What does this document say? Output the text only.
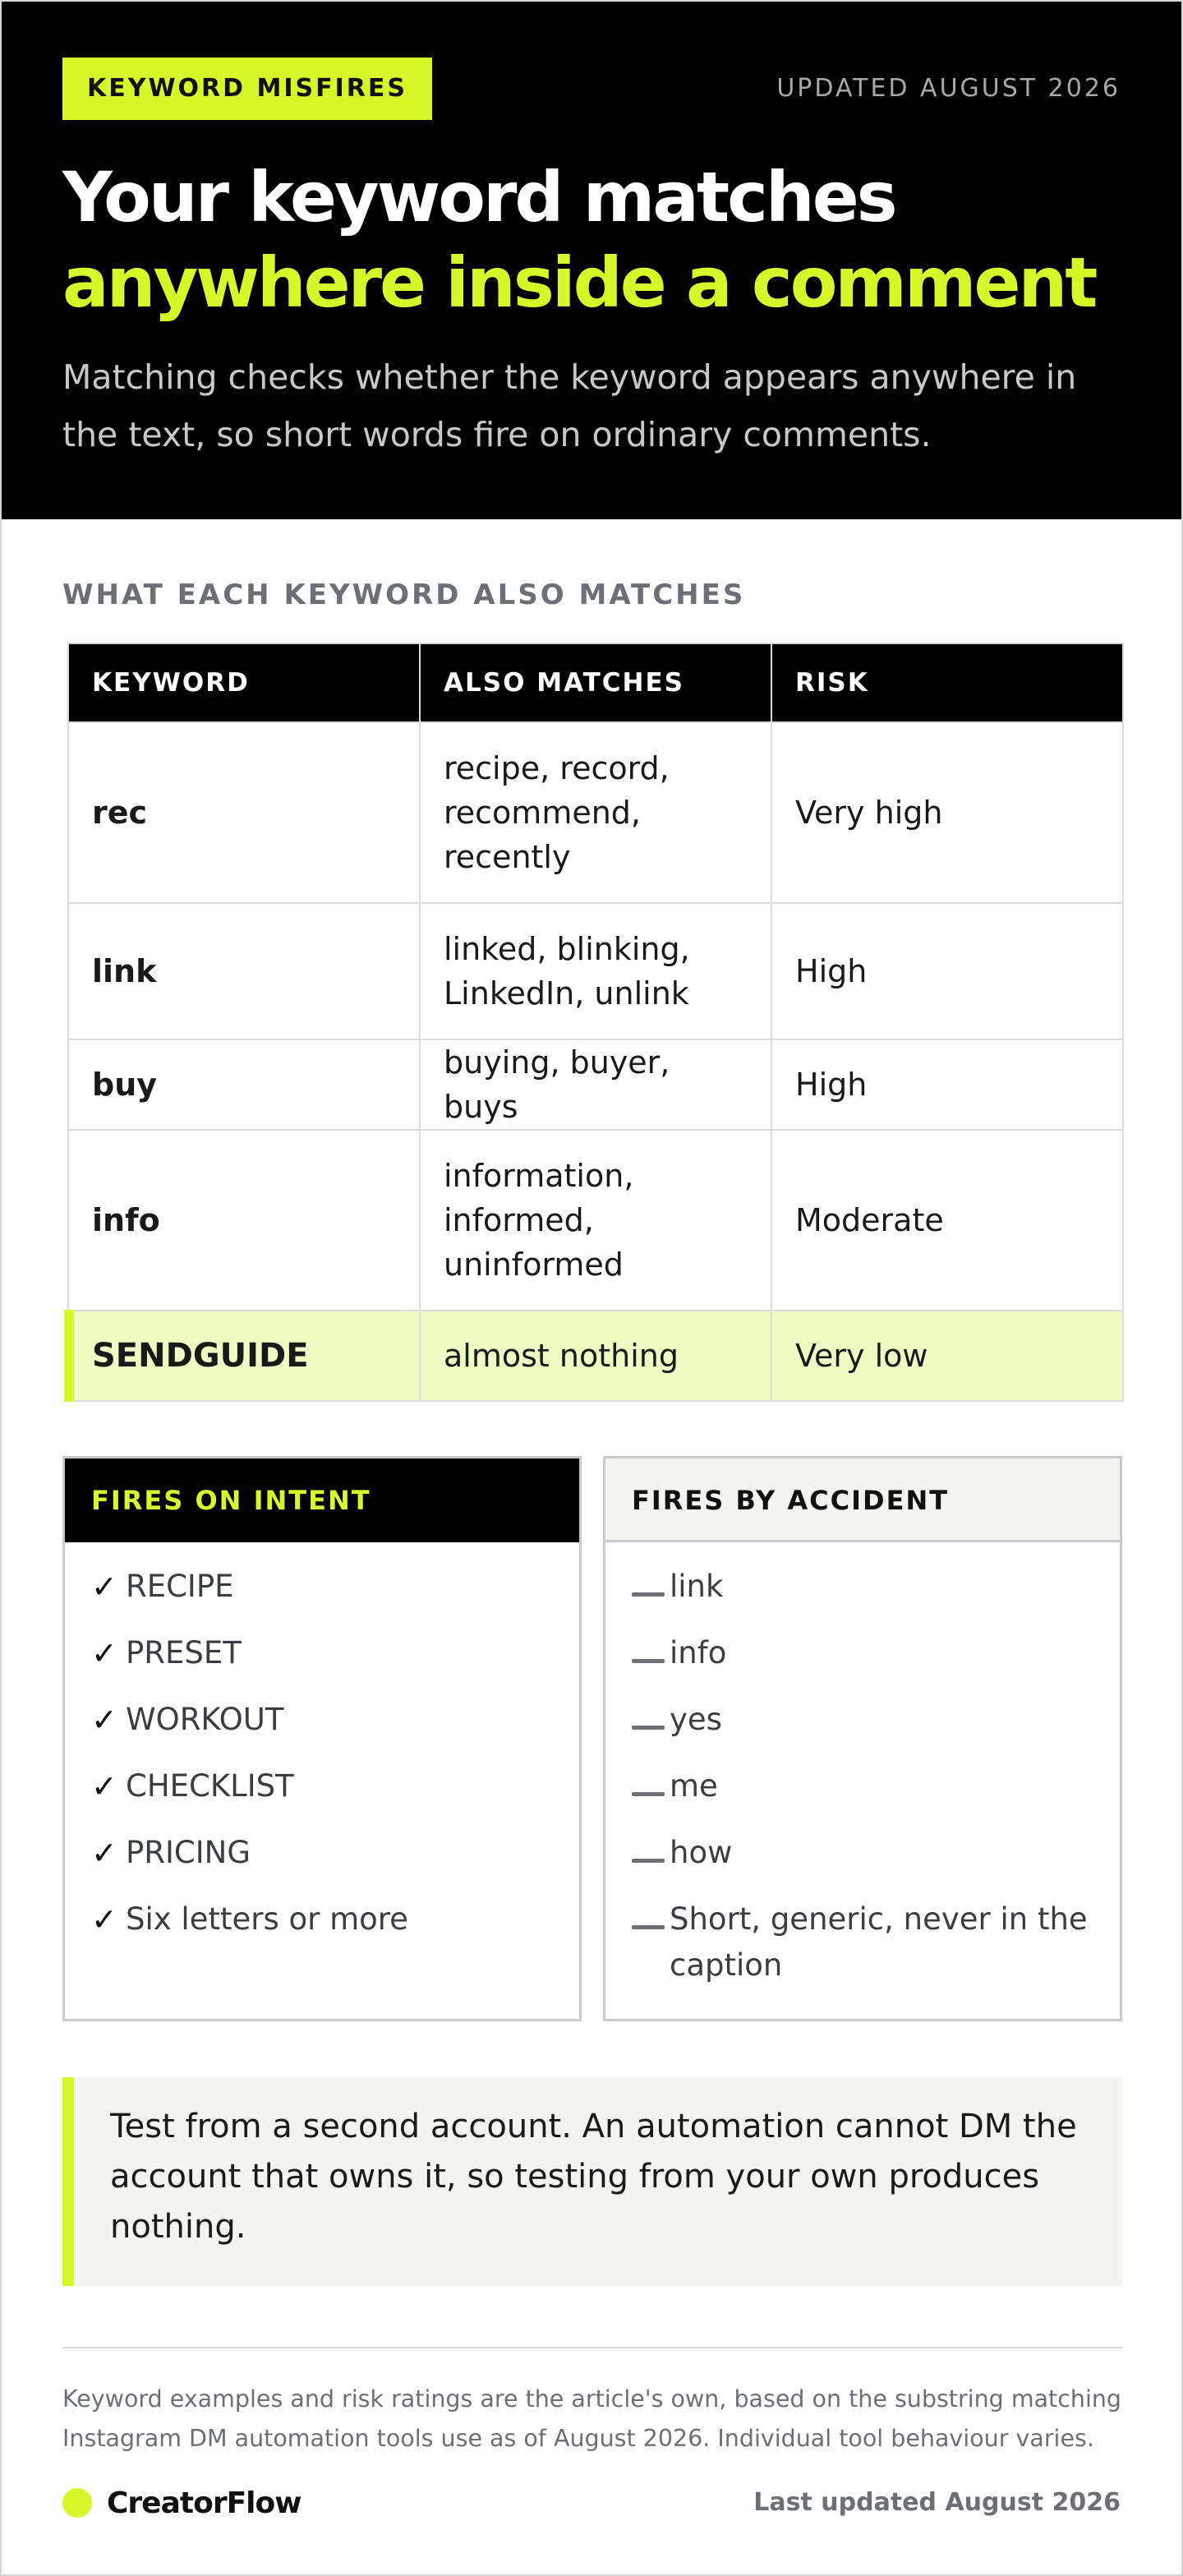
KEYWORD MISFIRES	UPDATED AUGUST 2026
Your keyword matches
anywhere inside a comment

Matching checks whether the keyword appears anywhere in the text, so short words fire on ordinary comments.

WHAT EACH KEYWORD ALSO MATCHES
KEYWORD	ALSO MATCHES	RISK
rec	recipe, record, recommend, recently	Very high
link	linked, blinking, LinkedIn, unlink	High
buy	buying, buyer, buys	High
info	information, informed, uninformed	Moderate

SENDGUIDE	almost nothing	Very low
FIRES ON INTENT
✓ RECIPE
✓ PRESET
✓ WORKOUT
✓ CHECKLIST
✓ PRICING
✓ Six letters or more
FIRES BY ACCIDENT
link
info
yes
me
how
Short, generic, never in the caption

Test from a second account. An automation cannot DM the account that owns it, so testing from your own produces nothing.

Keyword examples and risk ratings are the article's own, based on the substring matching Instagram DM automation tools use as of August 2026. Individual tool behaviour varies.

CreatorFlow	Last updated August 2026
